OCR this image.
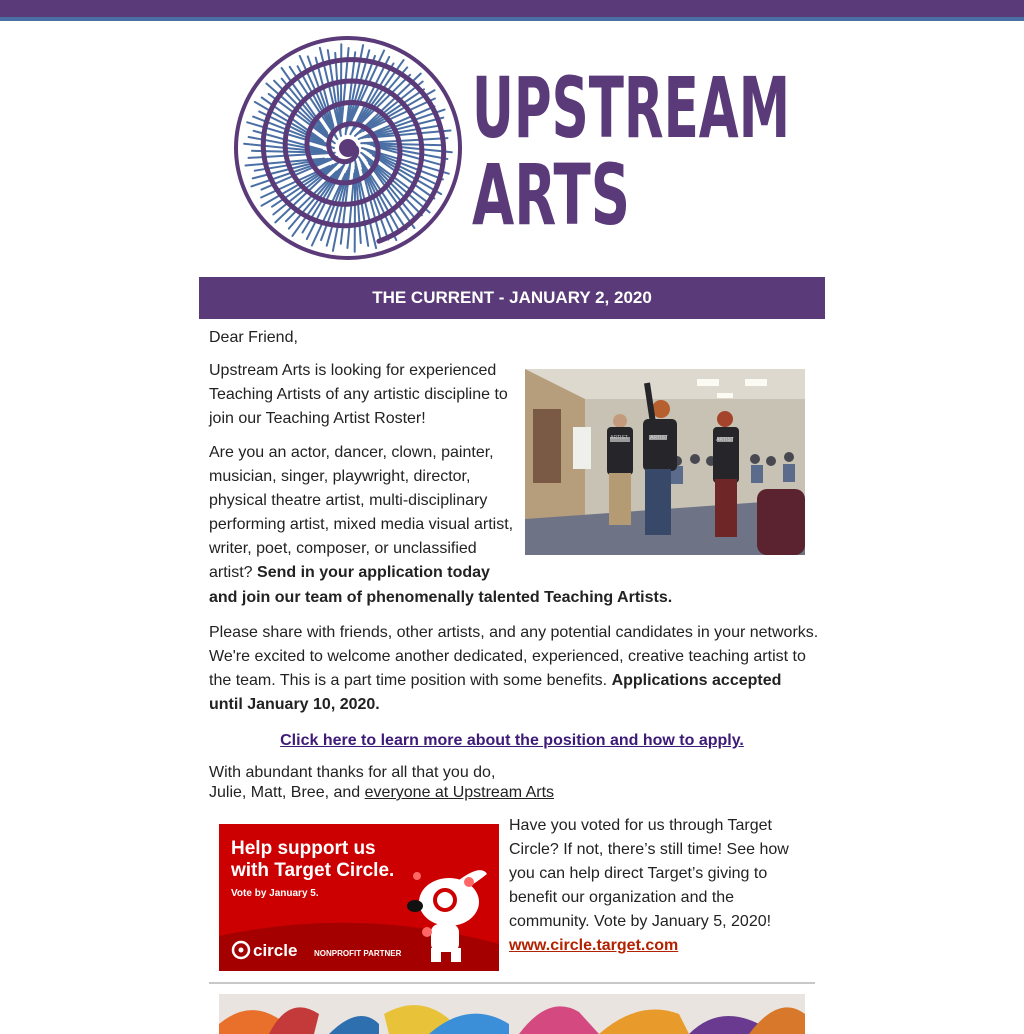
UPSTREAM
ARTS
THE CURRENT - JANUARY 2, 2020

Dear Friend,

Upstream Arts is looking for experienced Teaching Artists of any artistic discipline to join our Teaching Artist Roster!

Are you an actor, dancer, clown, painter, musician, singer, playwright, director, physical theatre artist, multi-disciplinary performing artist, mixed media visual artist, writer, poet, composer, or unclassified artist? Send in your application today

and join our team of phenomenally talented Teaching Artists.

Please share with friends, other artists, and any potential candidates in your networks. We're excited to welcome another dedicated, experienced, creative teaching artist to the team. This is a part time position with some benefits. Applications accepted until January 10, 2020.

Click here to learn more about the position and how to apply.

With abundant thanks for all that you do,
Julie, Matt, Bree, and everyone at Upstream Arts

ARTIST	ARTIST	ARTIST
Help support us
with Target Circle.
Vote by January 5.
circle NONPROFIT PARTNER

Have you voted for us through Target Circle? If not, there’s still time! See how you can help direct Target’s giving to benefit our organization and the community. Vote by January 5, 2020!
www.circle.target.com
